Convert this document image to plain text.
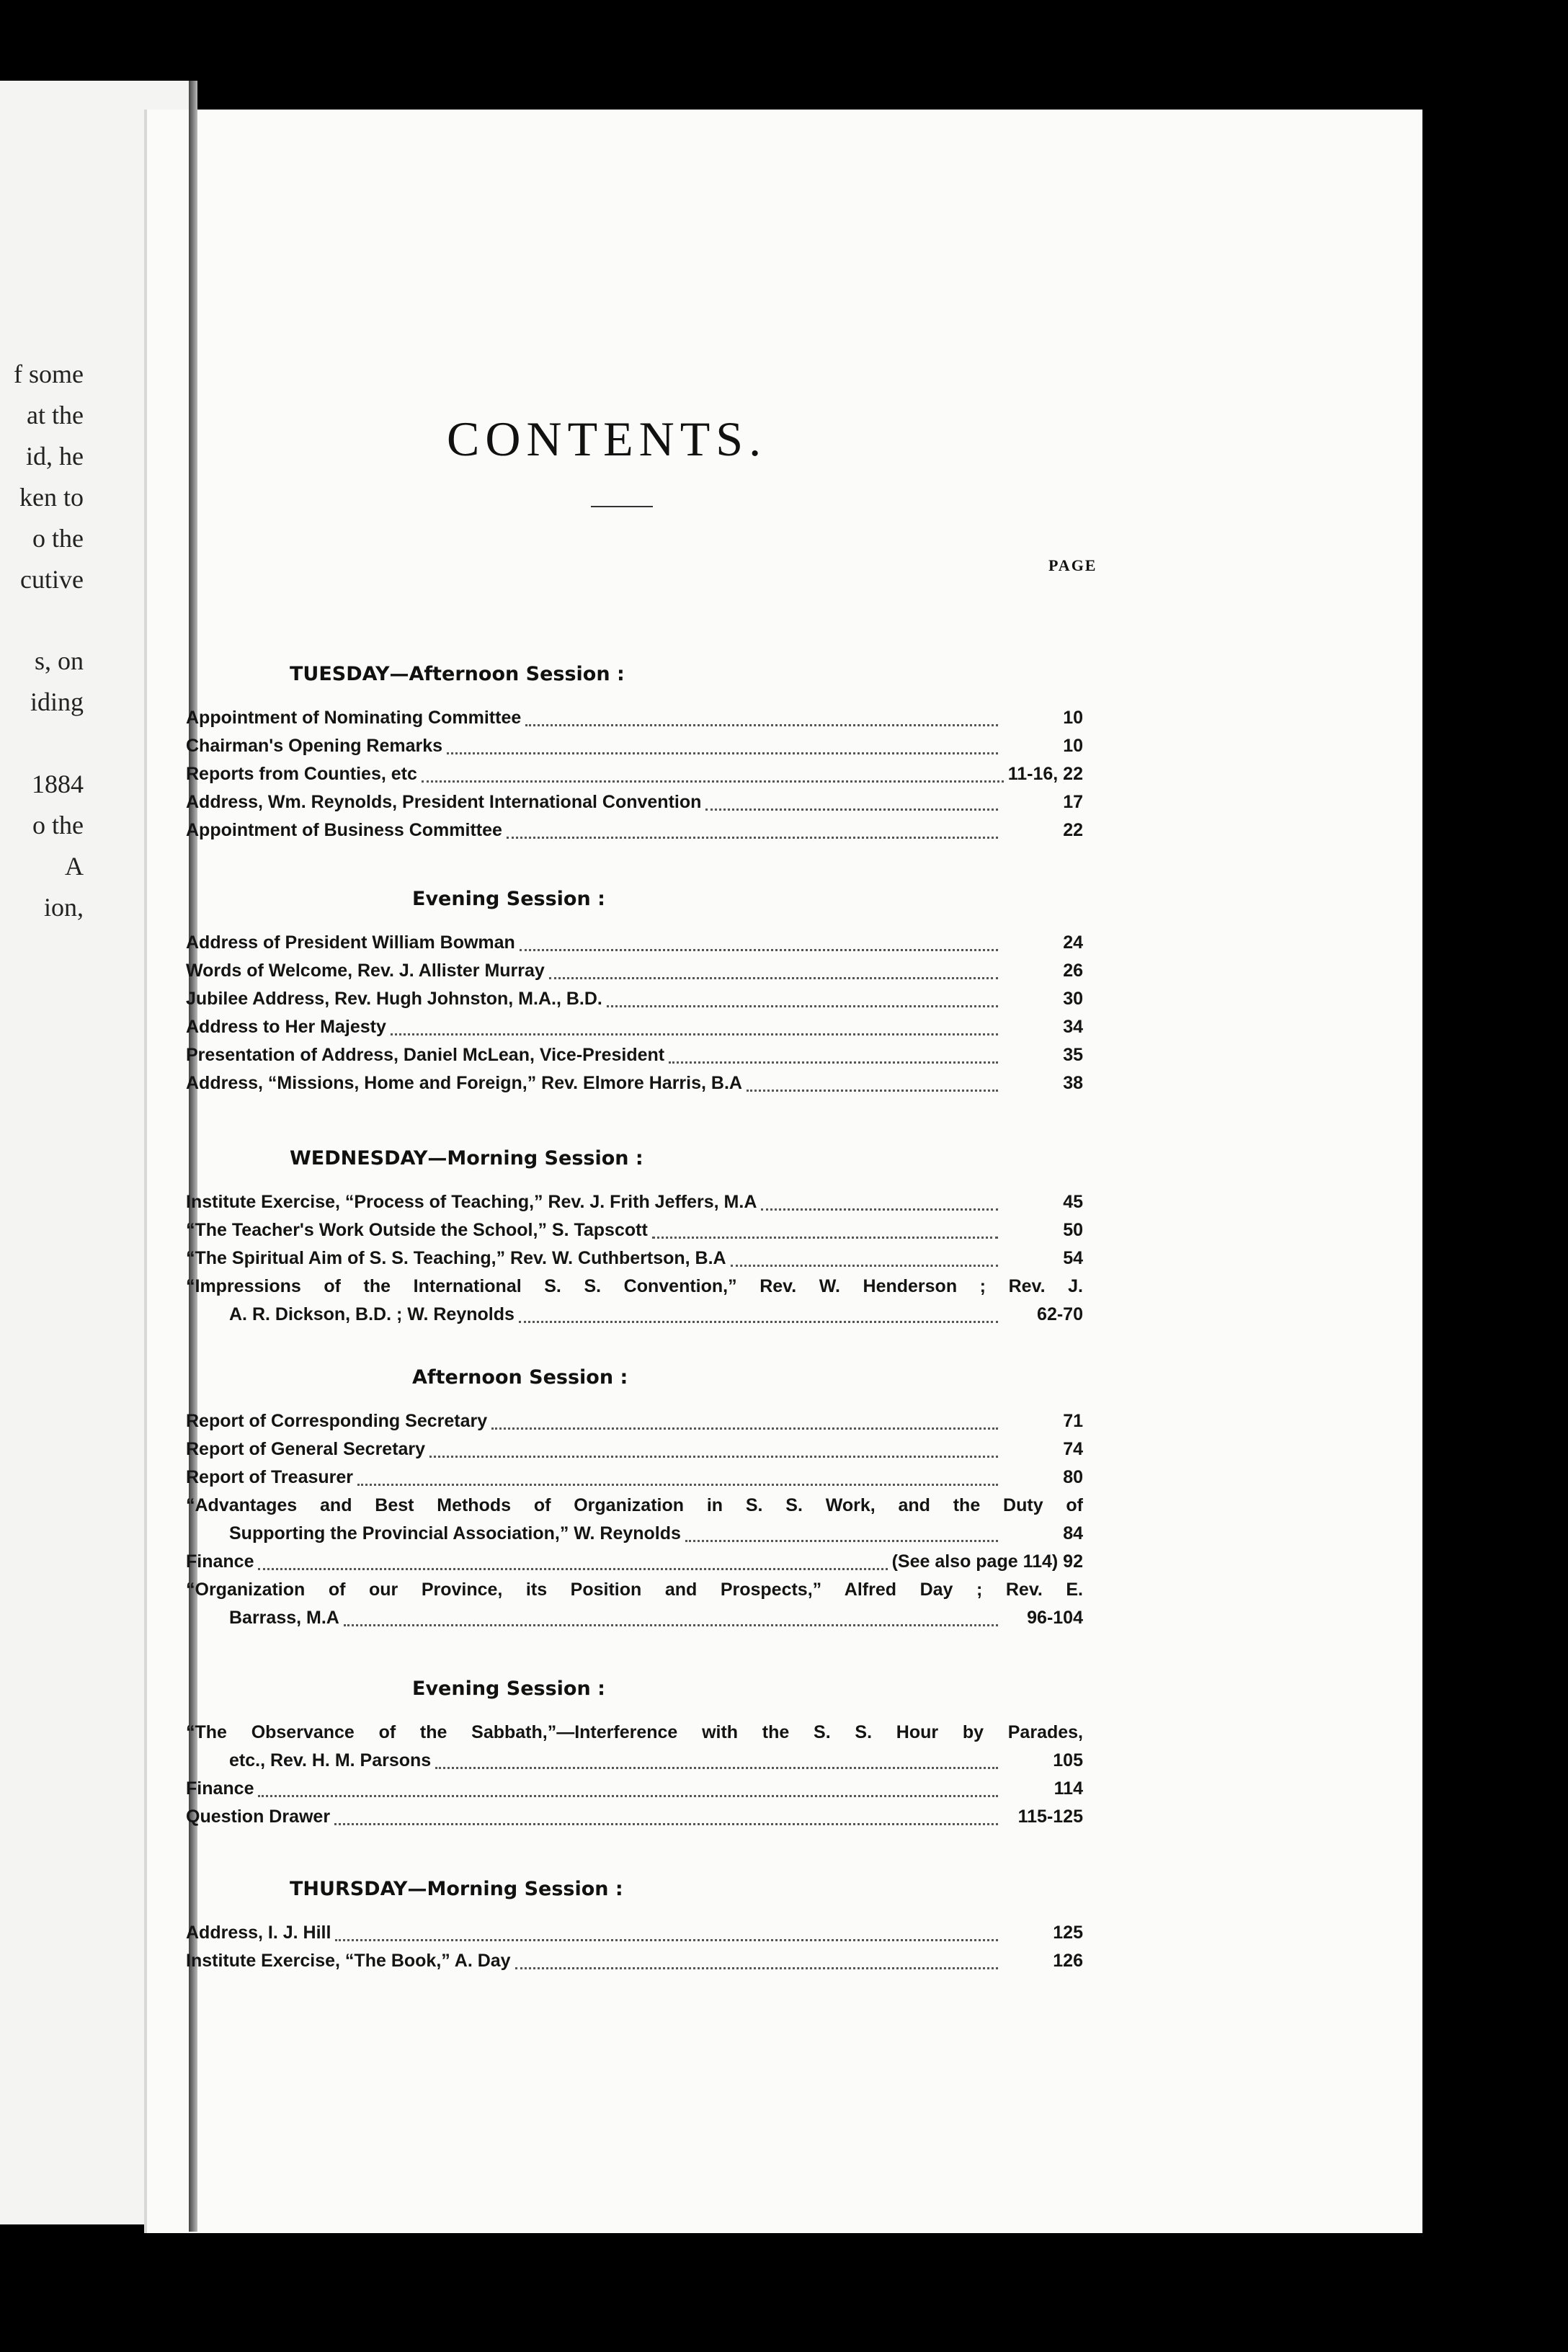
f some
at the
id, he
ken to
o the
cutive
s, on
iding
1884
o the
A
ion,
CONTENTS.
PAGE
TUESDAY—Afternoon Session :
Appointment of Nominating Committee	10
Chairman's Opening Remarks	10
Reports from Counties, etc	11-16, 22
Address, Wm. Reynolds, President International Convention	17
Appointment of Business Committee	22
Evening Session :
Address of President William Bowman	24
Words of Welcome, Rev. J. Allister Murray	26
Jubilee Address, Rev. Hugh Johnston, M.A., B.D.	30
Address to Her Majesty	34
Presentation of Address, Daniel McLean, Vice-President	35
Address, “Missions, Home and Foreign,” Rev. Elmore Harris, B.A	38
WEDNESDAY—Morning Session :
Institute Exercise, “Process of Teaching,” Rev. J. Frith Jeffers, M.A	45
“The Teacher's Work Outside the School,” S. Tapscott	50
“The Spiritual Aim of S. S. Teaching,” Rev. W. Cuthbertson, B.A	54
“Impressions of the International S. S. Convention,” Rev. W. Henderson ; Rev. J.
A. R. Dickson, B.D. ; W. Reynolds	62-70
Afternoon Session :
Report of Corresponding Secretary	71
Report of General Secretary	74
Report of Treasurer	80
“Advantages and Best Methods of Organization in S. S. Work, and the Duty of
Supporting the Provincial Association,” W. Reynolds	84
Finance	(See also page 114) 92
“Organization of our Province, its Position and Prospects,” Alfred Day ; Rev. E.
Barrass, M.A	96-104
Evening Session :
“The Observance of the Sabbath,”—Interference with the S. S. Hour by Parades,
etc., Rev. H. M. Parsons	105
Finance	114
Question Drawer	115-125
THURSDAY—Morning Session :
Address, I. J. Hill	125
Institute Exercise, “The Book,” A. Day	126
